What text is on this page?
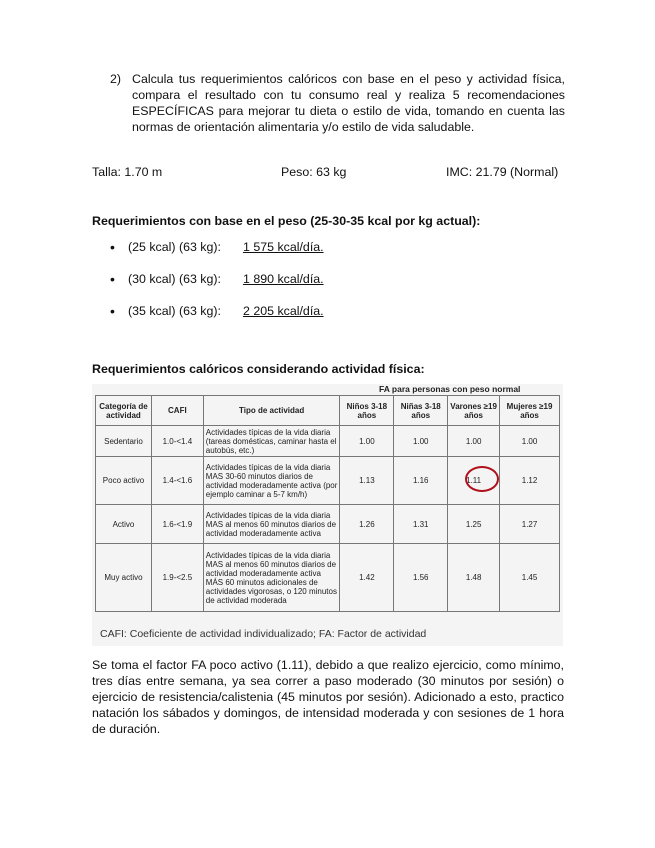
2) Calcula tus requerimientos calóricos con base en el peso y actividad física, compara el resultado con tu consumo real y realiza 5 recomendaciones ESPECÍFICAS para mejorar tu dieta o estilo de vida, tomando en cuenta las normas de orientación alimentaria y/o estilo de vida saludable.
Talla: 1.70 m	Peso: 63 kg	IMC: 21.79 (Normal)
Requerimientos con base en el peso (25-30-35 kcal por kg actual):
• (25 kcal) (63 kg): 1 575 kcal/día.
• (30 kcal) (63 kg): 1 890 kcal/día.
• (35 kcal) (63 kg): 2 205 kcal/día.
Requerimientos calóricos considerando actividad física:
			FA para personas con peso normal			
Categoría de actividad	CAFI	Tipo de actividad	Niños 3-18 años	Niñas 3-18 años	Varones ≥19 años	Mujeres ≥19 años
Sedentario	1.0-<1.4	Actividades típicas de la vida diaria (tareas domésticas, caminar hasta el autobús, etc.)	1.00	1.00	1.00	1.00
Poco activo	1.4-<1.6	Actividades típicas de la vida diaria MAS 30-60 minutos diarios de actividad moderadamente activa (por ejemplo caminar a 5-7 km/h)	1.13	1.16	1.11	1.12
Activo	1.6-<1.9	Actividades típicas de la vida diaria MAS al menos 60 minutos diarios de actividad moderadamente activa	1.26	1.31	1.25	1.27
Muy activo	1.9-<2.5	Actividades típicas de la vida diaria MAS al menos 60 minutos diarios de actividad moderadamente activa MÁS 60 minutos adicionales de actividades vigorosas, o 120 minutos de actividad moderada	1.42	1.56	1.48	1.45
CAFI: Coeficiente de actividad individualizado; FA: Factor de actividad
Se toma el factor FA poco activo (1.11), debido a que realizo ejercicio, como mínimo, tres días entre semana, ya sea correr a paso moderado (30 minutos por sesión) o ejercicio de resistencia/calistenia (45 minutos por sesión). Adicionado a esto, practico natación los sábados y domingos, de intensidad moderada y con sesiones de 1 hora de duración.
